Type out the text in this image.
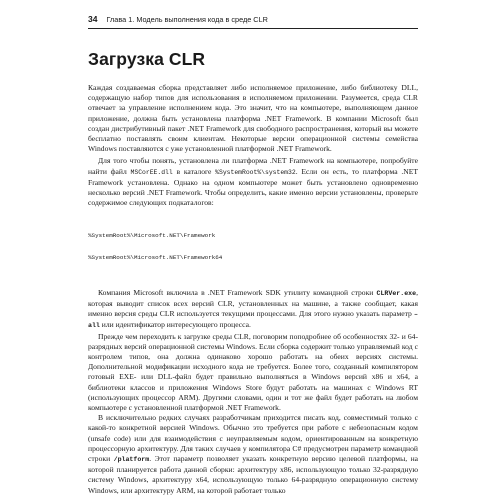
34 Глава 1. Модель выполнения кода в среде CLR
Загрузка CLR

Каждая создаваемая сборка представляет либо исполняемое приложение, либо библиотеку DLL, содержащую набор типов для использования в исполняемом приложении. Разумеется, среда CLR отвечает за управление исполнением кода. Это значит, что на компьютере, выполняющем данное приложение, должна быть установлена платформа .NET Framework. В компании Microsoft был создан дистрибутивный пакет .NET Framework для свободного распространения, который вы можете бесплатно поставлять своим клиентам. Некоторые версии операционной системы семейства Windows поставляются с уже установленной платформой .NET Framework.

Для того чтобы понять, установлена ли платформа .NET Framework на компьютере, попробуйте найти файл MSCorEE.dll в каталоге %SystemRoot%\system32. Если он есть, то платформа .NET Framework установлена. Однако на одном компьютере может быть установлено одновременно несколько версий .NET Framework. Чтобы определить, какие именно версии установлены, проверьте содержимое следующих подкаталогов:

%SystemRoot%\Microsoft.NET\Framework

%SystemRoot%\Microsoft.NET\Framework64

Компания Microsoft включила в .NET Framework SDK утилиту командной строки CLRVer.exe, которая выводит список всех версий CLR, установленных на машине, а также сообщает, какая именно версия среды CLR используется текущими процессами. Для этого нужно указать параметр –all или идентификатор интересующего процесса.

Прежде чем переходить к загрузке среды CLR, поговорим поподробнее об особенностях 32- и 64-разрядных версий операционной системы Windows. Если сборка содержит только управляемый код с контролем типов, она должна одинаково хорошо работать на обеих версиях системы. Дополнительной модификации исходного кода не требуется. Более того, созданный компилятором готовый EXE- или DLL-файл будет правильно выполняться в Windows версий x86 и x64, а библиотеки классов и приложения Windows Store будут работать на машинах с Windows RT (использующих процессор ARM). Другими словами, один и тот же файл будет работать на любом компьютере с установленной платформой .NET Framework.

В исключительно редких случаях разработчикам приходится писать код, совместимый только с какой-то конкретной версией Windows. Обычно это требуется при работе с небезопасным кодом (unsafe code) или для взаимодействия с неуправляемым кодом, ориентированным на конкретную процессорную архитектуру. Для таких случаев у компилятора C# предусмотрен параметр командной строки /platform. Этот параметр позволяет указать конкретную версию целевой платформы, на которой планируется работа данной сборки: архитектуру x86, использующую только 32-разрядную систему Windows, архитектуру x64, использующую только 64-разрядную операционную систему Windows, или архитектуру ARM, на которой работает только
